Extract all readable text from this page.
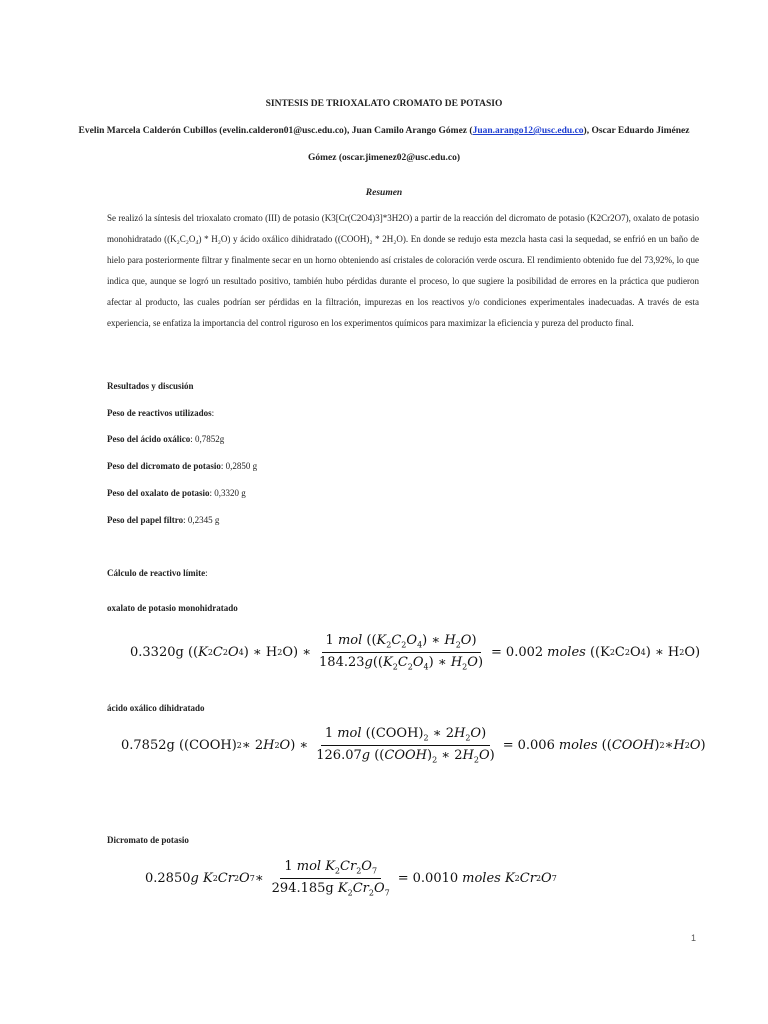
SINTESIS DE TRIOXALATO CROMATO DE POTASIO
Evelin Marcela Calderón Cubillos (evelin.calderon01@usc.edu.co), Juan Camilo Arango Gómez (Juan.arango12@usc.edu.co), Oscar Eduardo Jiménez
Gómez (oscar.jimenez02@usc.edu.co)
Resumen
Se realizó la síntesis del trioxalato cromato (III) de potasio (K3[Cr(C2O4)3]*3H2O) a partir de la reacción del dicromato de potasio (K2Cr2O7), oxalato de potasio monohidratado ((K₂C₂O₄) * H₂O) y ácido oxálico dihidratado ((COOH)₂ * 2H₂O). En donde se redujo esta mezcla hasta casi la sequedad, se enfrió en un baño de hielo para posteriormente filtrar y finalmente secar en un horno obteniendo así cristales de coloración verde oscura. El rendimiento obtenido fue del 73,92%, lo que indica que, aunque se logró un resultado positivo, también hubo pérdidas durante el proceso, lo que sugiere la posibilidad de errores en la práctica que pudieron afectar al producto, las cuales podrían ser pérdidas en la filtración, impurezas en los reactivos y/o condiciones experimentales inadecuadas. A través de esta experiencia, se enfatiza la importancia del control riguroso en los experimentos químicos para maximizar la eficiencia y pureza del producto final.
Resultados y discusión
Peso de reactivos utilizados:
Peso del ácido oxálico: 0,7852g
Peso del dicromato de potasio: 0,2850 g
Peso del oxalato de potasio: 0,3320 g
Peso del papel filtro: 0,2345 g
Cálculo de reactivo límite:
oxalato de potasio monohidratado
0.3320g (( K 2 C 2 O 4 ) ∗ H 2 O) ∗ $\frac{1 mol ((K_2C_2O_4) ∗ H_2O)}{184.23g((K_2C_2O_4) ∗ H_2O)} = 0.002$ moles ((K 2 C 2 O 4 ) ∗ H 2 O)
ácido oxálico dihidratado
0.7852g ((COOH) 2 ∗ 2 H 2 O ) ∗ $\frac{1 mol ((COOH)_2 ∗ 2H_2O)}{126.07g ((COOH)_2 ∗ 2H_2O)} = 0.006$ moles (( COOH ) 2 ∗ H 2 O )
Dicromato de potasio
0.2850 g
K 2 Cr 2 O 7 ∗ $\frac{1 mol K_2Cr_2O_7}{294.185g K_2Cr_2O_7} = 0.0010$ moles K 2 Cr 2 O 7
1
